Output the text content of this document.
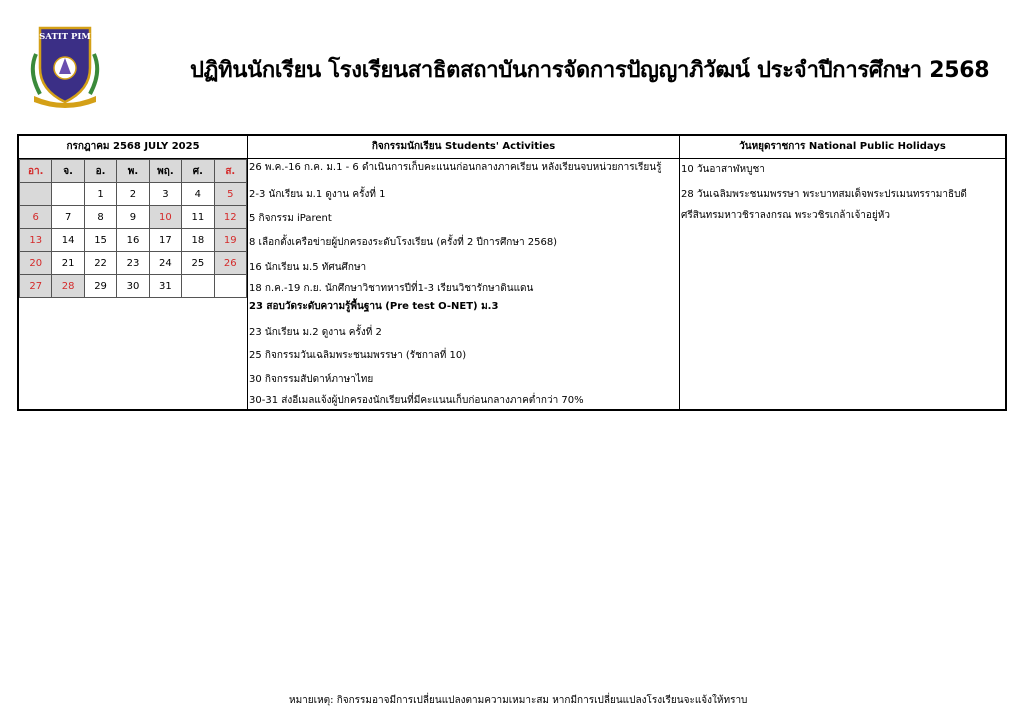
SATIT PIM
ปฏิทินนักเรียน โรงเรียนสาธิตสถาบันการจัดการปัญญาภิวัฒน์ ประจำปีการศึกษา 2568
กรกฎาคม 2568 JULY 2025	กิจกรรมนักเรียน Students' Activities	วันหยุดราชการ National Public Holidays
อา.	จ.	อ.	พ.	พฤ.	ศ.	ส.
		1	2	3	4	5
6	7	8	9	10	11	12
13	14	15	16	17	18	19
20	21	22	23	24	25	26
27	28	29	30	31		
26 พ.ค.-16 ก.ค. ม.1 - 6 ดำเนินการเก็บคะแนนก่อนกลางภาคเรียน หลังเรียนจบหน่วยการเรียนรู้
2-3 นักเรียน ม.1 ดูงาน ครั้งที่ 1
5 กิจกรรม iParent
8 เลือกตั้งเครือข่ายผู้ปกครองระดับโรงเรียน (ครั้งที่ 2 ปีการศึกษา 2568)
16 นักเรียน ม.5 ทัศนศึกษา
18 ก.ค.-19 ก.ย. นักศึกษาวิชาทหารปีที่1-3 เรียนวิชารักษาดินแดน
23 สอบวัดระดับความรู้พื้นฐาน (Pre test O-NET) ม.3
23 นักเรียน ม.2 ดูงาน ครั้งที่ 2
25 กิจกรรมวันเฉลิมพระชนมพรรษา (รัชกาลที่ 10)
30 กิจกรรมสัปดาห์ภาษาไทย
30-31 ส่งอีเมลแจ้งผู้ปกครองนักเรียนที่มีคะแนนเก็บก่อนกลางภาคต่ำกว่า 70%
10 วันอาสาฬหบูชา
28 วันเฉลิมพระชนมพรรษา พระบาทสมเด็จพระปรเมนทรรามาธิบดี
ศรีสินทรมหาวชิราลงกรณ พระวชิรเกล้าเจ้าอยู่หัว
หมายเหตุ: กิจกรรมอาจมีการเปลี่ยนแปลงตามความเหมาะสม หากมีการเปลี่ยนแปลงโรงเรียนจะแจ้งให้ทราบ
